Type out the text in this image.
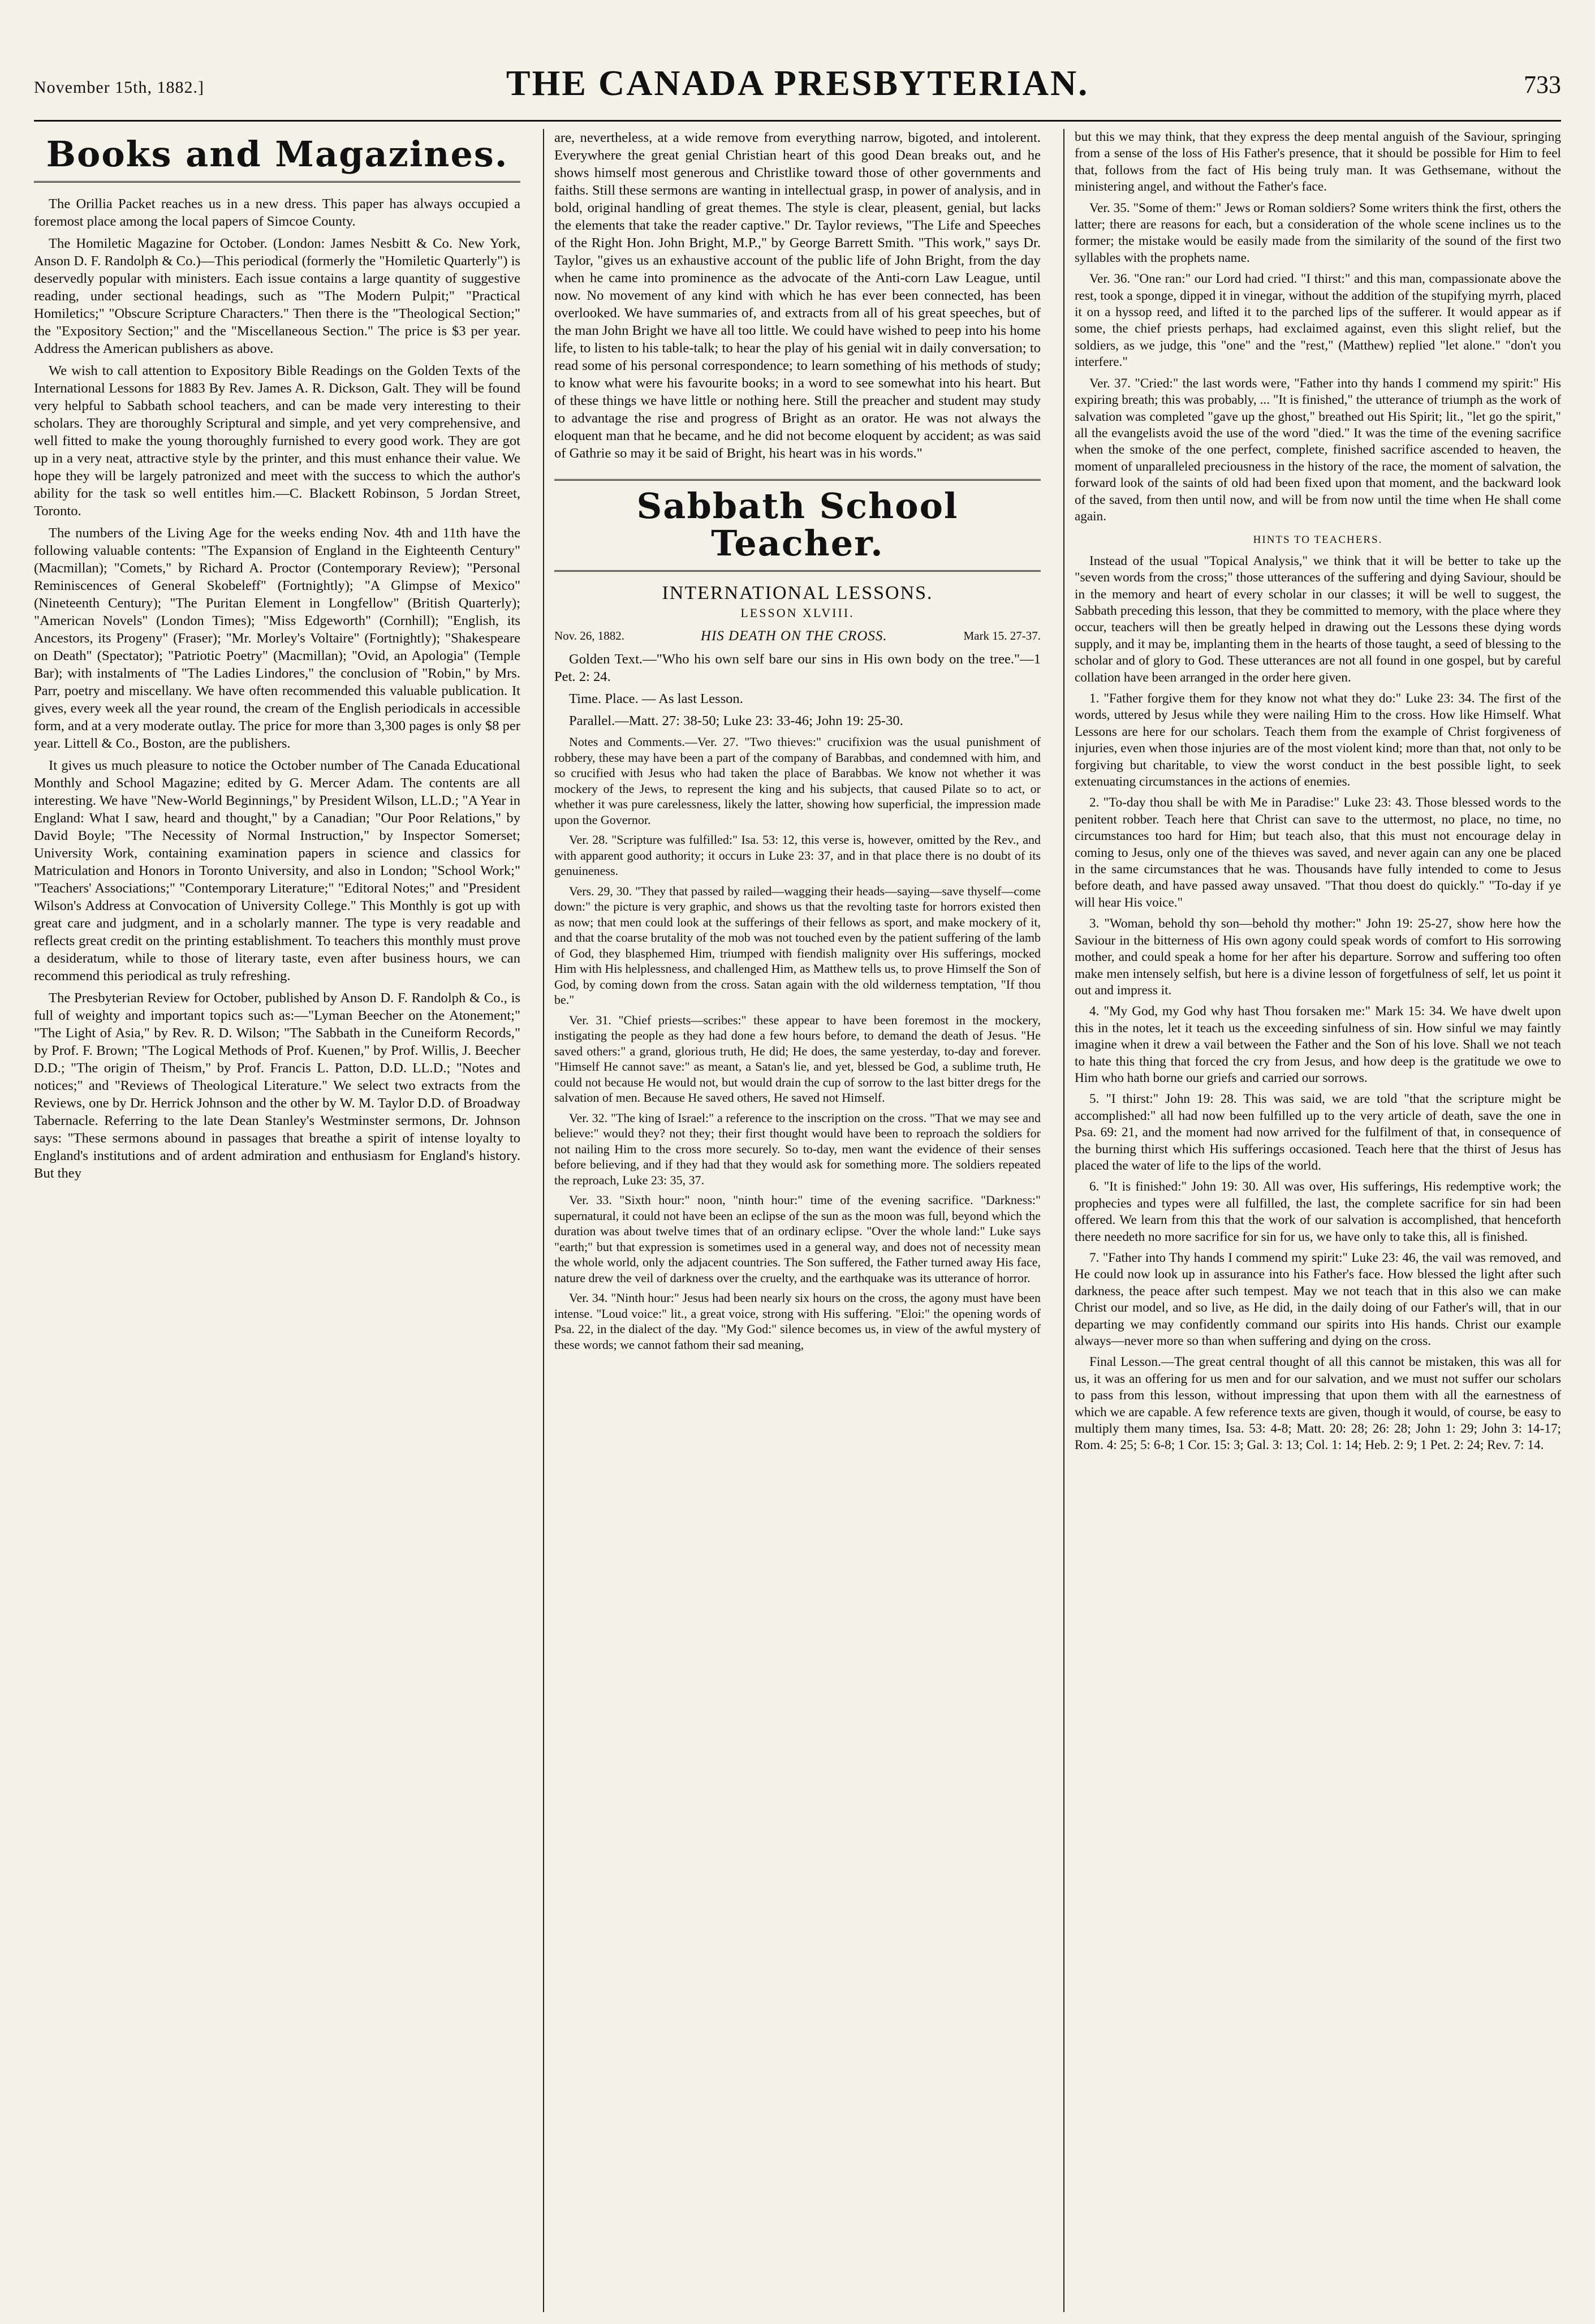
November 15th, 1882.]	THE CANADA PRESBYTERIAN.	733
Books and Magazines.

The Orillia Packet reaches us in a new dress. This paper has always occupied a foremost place among the local papers of Simcoe County.

The Homiletic Magazine for October. (London: James Nesbitt & Co. New York, Anson D. F. Randolph & Co.)—This periodical (formerly the "Homiletic Quarterly") is deservedly popular with ministers. Each issue contains a large quantity of suggestive reading, under sectional headings, such as "The Modern Pulpit;" "Practical Homiletics;" "Obscure Scripture Characters." Then there is the "Theological Section;" the "Expository Section;" and the "Miscellaneous Section." The price is $3 per year. Address the American publishers as above.

We wish to call attention to Expository Bible Readings on the Golden Texts of the International Lessons for 1883 By Rev. James A. R. Dickson, Galt. They will be found very helpful to Sabbath school teachers, and can be made very interesting to their scholars. They are thoroughly Scriptural and simple, and yet very comprehensive, and well fitted to make the young thoroughly furnished to every good work. They are got up in a very neat, attractive style by the printer, and this must enhance their value. We hope they will be largely patronized and meet with the success to which the author's ability for the task so well entitles him.—C. Blackett Robinson, 5 Jordan Street, Toronto.

The numbers of the Living Age for the weeks ending Nov. 4th and 11th have the following valuable contents: "The Expansion of England in the Eighteenth Century" (Macmillan); "Comets," by Richard A. Proctor (Contemporary Review); "Personal Reminiscences of General Skobeleff" (Fortnightly); "A Glimpse of Mexico" (Nineteenth Century); "The Puritan Element in Longfellow" (British Quarterly); "American Novels" (London Times); "Miss Edgeworth" (Cornhill); "English, its Ancestors, its Progeny" (Fraser); "Mr. Morley's Voltaire" (Fortnightly); "Shakespeare on Death" (Spectator); "Patriotic Poetry" (Macmillan); "Ovid, an Apologia" (Temple Bar); with instalments of "The Ladies Lindores," the conclusion of "Robin," by Mrs. Parr, poetry and miscellany. We have often recommended this valuable publication. It gives, every week all the year round, the cream of the English periodicals in accessible form, and at a very moderate outlay. The price for more than 3,300 pages is only $8 per year. Littell & Co., Boston, are the publishers.

It gives us much pleasure to notice the October number of The Canada Educational Monthly and School Magazine; edited by G. Mercer Adam. The contents are all interesting. We have "New-World Beginnings," by President Wilson, LL.D.; "A Year in England: What I saw, heard and thought," by a Canadian; "Our Poor Relations," by David Boyle; "The Necessity of Normal Instruction," by Inspector Somerset; University Work, containing examination papers in science and classics for Matriculation and Honors in Toronto University, and also in London; "School Work;" "Teachers' Associations;" "Contemporary Literature;" "Editoral Notes;" and "President Wilson's Address at Convocation of University College." This Monthly is got up with great care and judgment, and in a scholarly manner. The type is very readable and reflects great credit on the printing establishment. To teachers this monthly must prove a desideratum, while to those of literary taste, even after business hours, we can recommend this periodical as truly refreshing.

The Presbyterian Review for October, published by Anson D. F. Randolph & Co., is full of weighty and important topics such as:—"Lyman Beecher on the Atonement;" "The Light of Asia," by Rev. R. D. Wilson; "The Sabbath in the Cuneiform Records," by Prof. F. Brown; "The Logical Methods of Prof. Kuenen," by Prof. Willis, J. Beecher D.D.; "The origin of Theism," by Prof. Francis L. Patton, D.D. LL.D.; "Notes and notices;" and "Reviews of Theological Literature." We select two extracts from the Reviews, one by Dr. Herrick Johnson and the other by W. M. Taylor D.D. of Broadway Tabernacle. Referring to the late Dean Stanley's Westminster sermons, Dr. Johnson says: "These sermons abound in passages that breathe a spirit of intense loyalty to England's institutions and of ardent admiration and enthusiasm for England's history. But they

are, nevertheless, at a wide remove from everything narrow, bigoted, and intolerent. Everywhere the great genial Christian heart of this good Dean breaks out, and he shows himself most generous and Christlike toward those of other governments and faiths. Still these sermons are wanting in intellectual grasp, in power of analysis, and in bold, original handling of great themes. The style is clear, pleasent, genial, but lacks the elements that take the reader captive." Dr. Taylor reviews, "The Life and Speeches of the Right Hon. John Bright, M.P.," by George Barrett Smith. "This work," says Dr. Taylor, "gives us an exhaustive account of the public life of John Bright, from the day when he came into prominence as the advocate of the Anti-corn Law League, until now. No movement of any kind with which he has ever been connected, has been overlooked. We have summaries of, and extracts from all of his great speeches, but of the man John Bright we have all too little. We could have wished to peep into his home life, to listen to his table-talk; to hear the play of his genial wit in daily conversation; to read some of his personal correspondence; to learn something of his methods of study; to know what were his favourite books; in a word to see somewhat into his heart. But of these things we have little or nothing here. Still the preacher and student may study to advantage the rise and progress of Bright as an orator. He was not always the eloquent man that he became, and he did not become eloquent by accident; as was said of Gathrie so may it be said of Bright, his heart was in his words."

Sabbath School Teacher.
INTERNATIONAL LESSONS.
LESSON XLVIII.
Nov. 26, 1882.	HIS DEATH ON THE CROSS.	Mark 15. 27-37.

Golden Text.—"Who his own self bare our sins in His own body on the tree."—1 Pet. 2: 24.

Time. Place. — As last Lesson.

Parallel.—Matt. 27: 38-50; Luke 23: 33-46; John 19: 25-30.

Notes and Comments.—Ver. 27. "Two thieves:" crucifixion was the usual punishment of robbery, these may have been a part of the company of Barabbas, and condemned with him, and so crucified with Jesus who had taken the place of Barabbas. We know not whether it was mockery of the Jews, to represent the king and his subjects, that caused Pilate so to act, or whether it was pure carelessness, likely the latter, showing how superficial, the impression made upon the Governor.

Ver. 28. "Scripture was fulfilled:" Isa. 53: 12, this verse is, however, omitted by the Rev., and with apparent good authority; it occurs in Luke 23: 37, and in that place there is no doubt of its genuineness.

Vers. 29, 30. "They that passed by railed—wagging their heads—saying—save thyself—come down:" the picture is very graphic, and shows us that the revolting taste for horrors existed then as now; that men could look at the sufferings of their fellows as sport, and make mockery of it, and that the coarse brutality of the mob was not touched even by the patient suffering of the lamb of God, they blasphemed Him, triumped with fiendish malignity over His sufferings, mocked Him with His helplessness, and challenged Him, as Matthew tells us, to prove Himself the Son of God, by coming down from the cross. Satan again with the old wilderness temptation, "If thou be."

Ver. 31. "Chief priests—scribes:" these appear to have been foremost in the mockery, instigating the people as they had done a few hours before, to demand the death of Jesus. "He saved others:" a grand, glorious truth, He did; He does, the same yesterday, to-day and forever. "Himself He cannot save:" as meant, a Satan's lie, and yet, blessed be God, a sublime truth, He could not because He would not, but would drain the cup of sorrow to the last bitter dregs for the salvation of men. Because He saved others, He saved not Himself.

Ver. 32. "The king of Israel:" a reference to the inscription on the cross. "That we may see and believe:" would they? not they; their first thought would have been to reproach the soldiers for not nailing Him to the cross more securely. So to-day, men want the evidence of their senses before believing, and if they had that they would ask for something more. The soldiers repeated the reproach, Luke 23: 35, 37.

Ver. 33. "Sixth hour:" noon, "ninth hour:" time of the evening sacrifice. "Darkness:" supernatural, it could not have been an eclipse of the sun as the moon was full, beyond which the duration was about twelve times that of an ordinary eclipse. "Over the whole land:" Luke says "earth;" but that expression is sometimes used in a general way, and does not of necessity mean the whole world, only the adjacent countries. The Son suffered, the Father turned away His face, nature drew the veil of darkness over the cruelty, and the earthquake was its utterance of horror.

Ver. 34. "Ninth hour:" Jesus had been nearly six hours on the cross, the agony must have been intense. "Loud voice:" lit., a great voice, strong with His suffering. "Eloi:" the opening words of Psa. 22, in the dialect of the day. "My God:" silence becomes us, in view of the awful mystery of these words; we cannot fathom their sad meaning,

but this we may think, that they express the deep mental anguish of the Saviour, springing from a sense of the loss of His Father's presence, that it should be possible for Him to feel that, follows from the fact of His being truly man. It was Gethsemane, without the ministering angel, and without the Father's face.

Ver. 35. "Some of them:" Jews or Roman soldiers? Some writers think the first, others the latter; there are reasons for each, but a consideration of the whole scene inclines us to the former; the mistake would be easily made from the similarity of the sound of the first two syllables with the prophets name.

Ver. 36. "One ran:" our Lord had cried. "I thirst:" and this man, compassionate above the rest, took a sponge, dipped it in vinegar, without the addition of the stupifying myrrh, placed it on a hyssop reed, and lifted it to the parched lips of the sufferer. It would appear as if some, the chief priests perhaps, had exclaimed against, even this slight relief, but the soldiers, as we judge, this "one" and the "rest," (Matthew) replied "let alone." "don't you interfere."

Ver. 37. "Cried:" the last words were, "Father into thy hands I commend my spirit:" His expiring breath; this was probably, ... "It is finished," the utterance of triumph as the work of salvation was completed "gave up the ghost," breathed out His Spirit; lit., "let go the spirit," all the evangelists avoid the use of the word "died." It was the time of the evening sacrifice when the smoke of the one perfect, complete, finished sacrifice ascended to heaven, the moment of unparalleled preciousness in the history of the race, the moment of salvation, the forward look of the saints of old had been fixed upon that moment, and the backward look of the saved, from then until now, and will be from now until the time when He shall come again.

HINTS TO TEACHERS.

Instead of the usual "Topical Analysis," we think that it will be better to take up the "seven words from the cross;" those utterances of the suffering and dying Saviour, should be in the memory and heart of every scholar in our classes; it will be well to suggest, the Sabbath preceding this lesson, that they be committed to memory, with the place where they occur, teachers will then be greatly helped in drawing out the Lessons these dying words supply, and it may be, implanting them in the hearts of those taught, a seed of blessing to the scholar and of glory to God. These utterances are not all found in one gospel, but by careful collation have been arranged in the order here given.

1. "Father forgive them for they know not what they do:" Luke 23: 34. The first of the words, uttered by Jesus while they were nailing Him to the cross. How like Himself. What Lessons are here for our scholars. Teach them from the example of Christ forgiveness of injuries, even when those injuries are of the most violent kind; more than that, not only to be forgiving but charitable, to view the worst conduct in the best possible light, to seek extenuating circumstances in the actions of enemies.

2. "To-day thou shall be with Me in Paradise:" Luke 23: 43. Those blessed words to the penitent robber. Teach here that Christ can save to the uttermost, no place, no time, no circumstances too hard for Him; but teach also, that this must not encourage delay in coming to Jesus, only one of the thieves was saved, and never again can any one be placed in the same circumstances that he was. Thousands have fully intended to come to Jesus before death, and have passed away unsaved. "That thou doest do quickly." "To-day if ye will hear His voice."

3. "Woman, behold thy son—behold thy mother:" John 19: 25-27, show here how the Saviour in the bitterness of His own agony could speak words of comfort to His sorrowing mother, and could speak a home for her after his departure. Sorrow and suffering too often make men intensely selfish, but here is a divine lesson of forgetfulness of self, let us point it out and impress it.

4. "My God, my God why hast Thou forsaken me:" Mark 15: 34. We have dwelt upon this in the notes, let it teach us the exceeding sinfulness of sin. How sinful we may faintly imagine when it drew a vail between the Father and the Son of his love. Shall we not teach to hate this thing that forced the cry from Jesus, and how deep is the gratitude we owe to Him who hath borne our griefs and carried our sorrows.

5. "I thirst:" John 19: 28. This was said, we are told "that the scripture might be accomplished:" all had now been fulfilled up to the very article of death, save the one in Psa. 69: 21, and the moment had now arrived for the fulfilment of that, in consequence of the burning thirst which His sufferings occasioned. Teach here that the thirst of Jesus has placed the water of life to the lips of the world.

6. "It is finished:" John 19: 30. All was over, His sufferings, His redemptive work; the prophecies and types were all fulfilled, the last, the complete sacrifice for sin had been offered. We learn from this that the work of our salvation is accomplished, that henceforth there needeth no more sacrifice for sin for us, we have only to take this, all is finished.

7. "Father into Thy hands I commend my spirit:" Luke 23: 46, the vail was removed, and He could now look up in assurance into his Father's face. How blessed the light after such darkness, the peace after such tempest. May we not teach that in this also we can make Christ our model, and so live, as He did, in the daily doing of our Father's will, that in our departing we may confidently command our spirits into His hands. Christ our example always—never more so than when suffering and dying on the cross.

Final Lesson.—The great central thought of all this cannot be mistaken, this was all for us, it was an offering for us men and for our salvation, and we must not suffer our scholars to pass from this lesson, without impressing that upon them with all the earnestness of which we are capable. A few reference texts are given, though it would, of course, be easy to multiply them many times, Isa. 53: 4-8; Matt. 20: 28; 26: 28; John 1: 29; John 3: 14-17; Rom. 4: 25; 5: 6-8; 1 Cor. 15: 3; Gal. 3: 13; Col. 1: 14; Heb. 2: 9; 1 Pet. 2: 24; Rev. 7: 14.
